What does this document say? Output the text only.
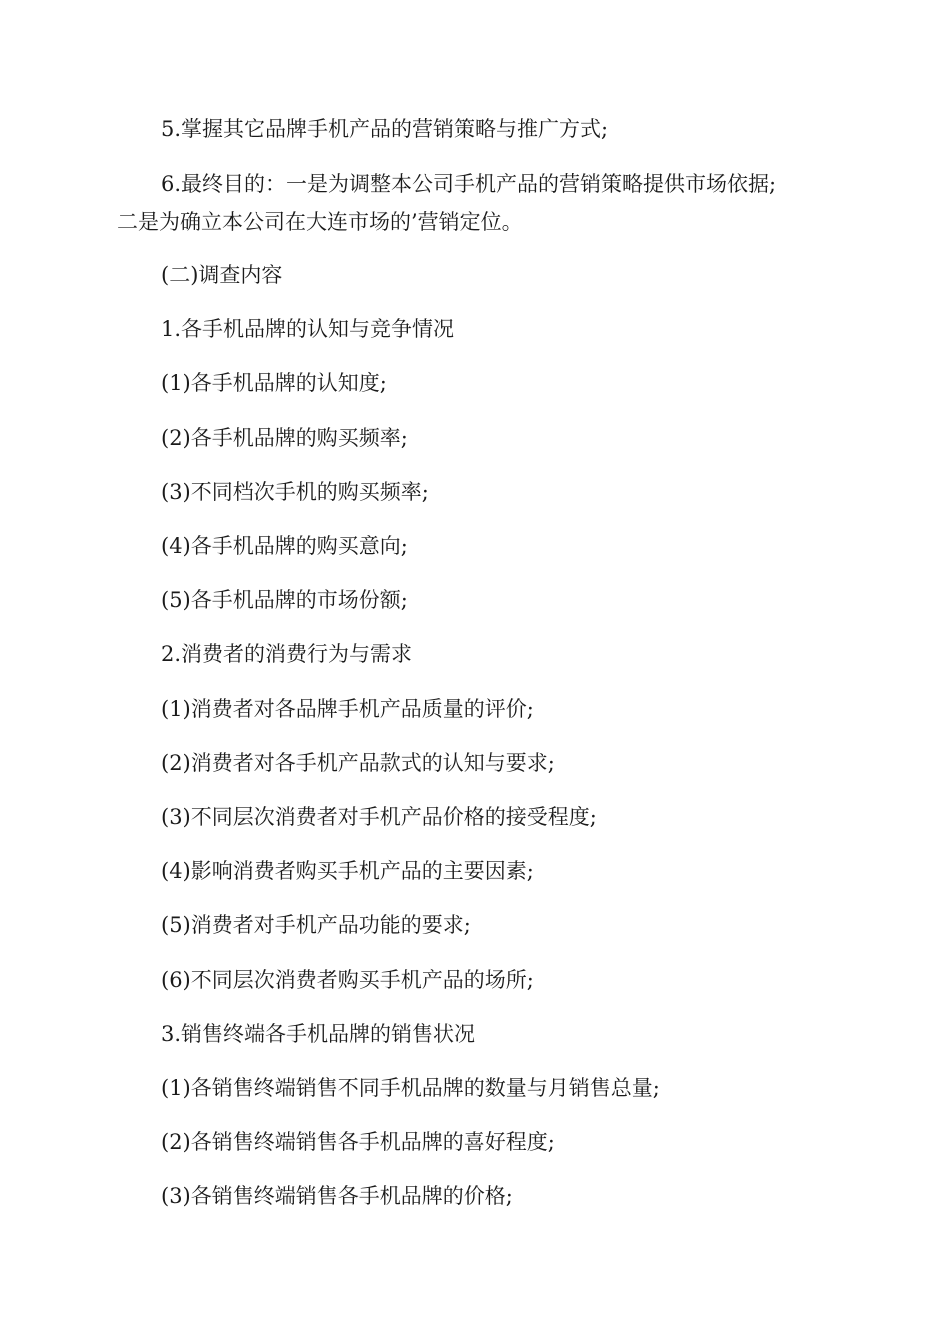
5.掌握其它品牌手机产品的营销策略与推广方式;
6.最终目的：一是为调整本公司手机产品的营销策略提供市场依据;
二是为确立本公司在大连市场的’营销定位。
(二)调查内容
1.各手机品牌的认知与竞争情况
(1)各手机品牌的认知度;
(2)各手机品牌的购买频率;
(3)不同档次手机的购买频率;
(4)各手机品牌的购买意向;
(5)各手机品牌的市场份额;
2.消费者的消费行为与需求
(1)消费者对各品牌手机产品质量的评价;
(2)消费者对各手机产品款式的认知与要求;
(3)不同层次消费者对手机产品价格的接受程度;
(4)影响消费者购买手机产品的主要因素;
(5)消费者对手机产品功能的要求;
(6)不同层次消费者购买手机产品的场所;
3.销售终端各手机品牌的销售状况
(1)各销售终端销售不同手机品牌的数量与月销售总量;
(2)各销售终端销售各手机品牌的喜好程度;
(3)各销售终端销售各手机品牌的价格;
